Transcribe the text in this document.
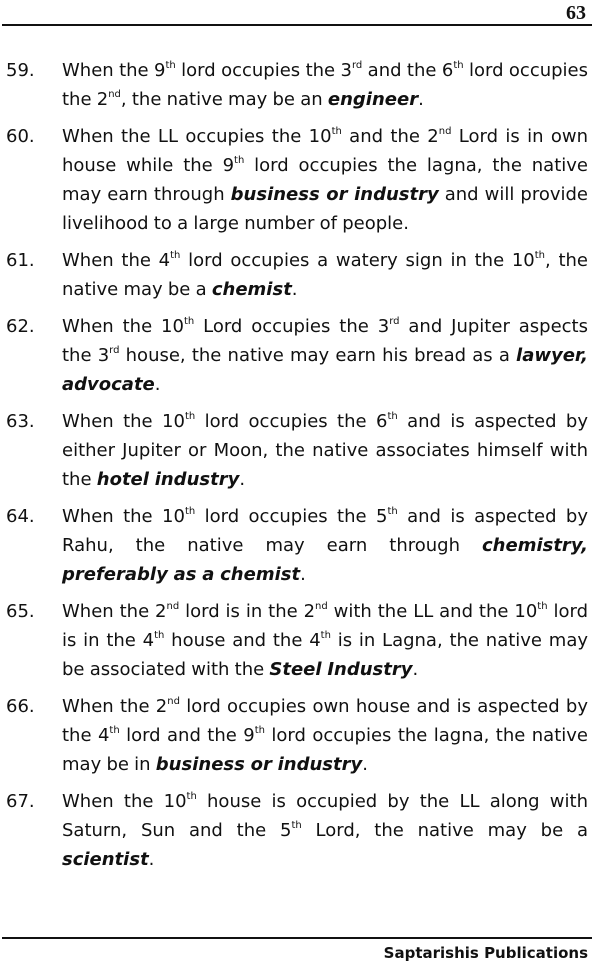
63
59.	When the 9th lord occupies the 3rd and the 6th lord occupies the 2nd, the native may be an engineer.
60.	When the LL occupies the 10th and the 2nd Lord is in own house while the 9th lord occupies the lagna, the native may earn through business or industry and will provide livelihood to a large number of people.
61.	When the 4th lord occupies a watery sign in the 10th, the native may be a chemist.
62.	When the 10th Lord occupies the 3rd and Jupiter aspects the 3rd house, the native may earn his bread as a lawyer, advocate.
63.	When the 10th lord occupies the 6th and is aspected by either Jupiter or Moon, the native associates himself with the hotel industry.
64.	When the 10th lord occupies the 5th and is aspected by Rahu, the native may earn through chemistry, preferably as a chemist.
65.	When the 2nd lord is in the 2nd with the LL and the 10th lord is in the 4th house and the 4th is in Lagna, the native may be associated with the Steel Industry.
66.	When the 2nd lord occupies own house and is aspected by the 4th lord and the 9th lord occupies the lagna, the native may be in business or industry.
67.	When the 10th house is occupied by the LL along with Saturn, Sun and the 5th Lord, the native may be a scientist.
Saptarishis Publications
